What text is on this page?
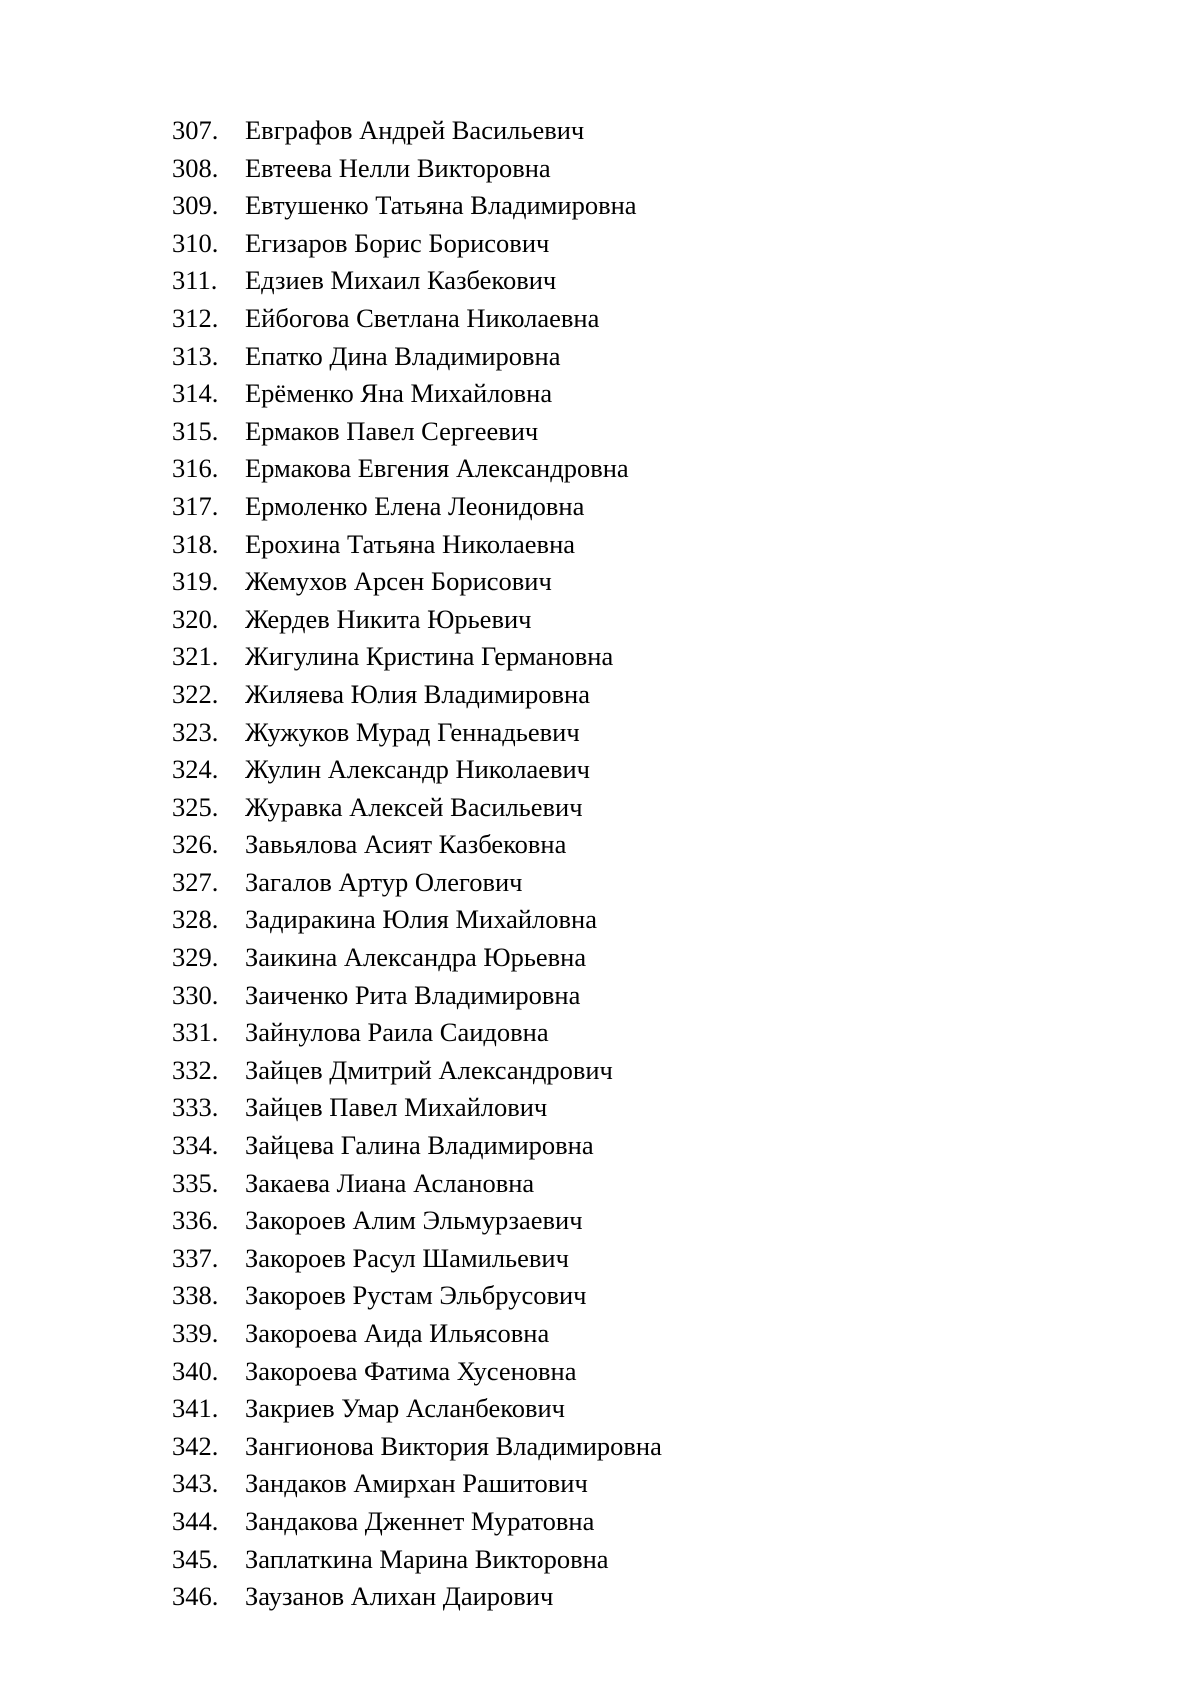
307.	Евграфов Андрей Васильевич
308.	Евтеева Нелли Викторовна
309.	Евтушенко Татьяна Владимировна
310.	Егизаров Борис Борисович
311.	Едзиев Михаил Казбекович
312.	Ейбогова Светлана Николаевна
313.	Епатко Дина Владимировна
314.	Ерёменко Яна Михайловна
315.	Ермаков Павел Сергеевич
316.	Ермакова Евгения Александровна
317.	Ермоленко Елена Леонидовна
318.	Ерохина Татьяна Николаевна
319.	Жемухов Арсен Борисович
320.	Жердев Никита Юрьевич
321.	Жигулина Кристина Германовна
322.	Жиляева Юлия Владимировна
323.	Жужуков Мурад Геннадьевич
324.	Жулин Александр Николаевич
325.	Журавка Алексей Васильевич
326.	Завьялова Асият Казбековна
327.	Загалов Артур Олегович
328.	Задиракина Юлия Михайловна
329.	Заикина Александра Юрьевна
330.	Заиченко Рита Владимировна
331.	Зайнулова Раила Саидовна
332.	Зайцев Дмитрий Александрович
333.	Зайцев Павел Михайлович
334.	Зайцева Галина Владимировна
335.	Закаева Лиана Аслановна
336.	Закороев Алим Эльмурзаевич
337.	Закороев Расул Шамильевич
338.	Закороев Рустам Эльбрусович
339.	Закороева Аида Ильясовна
340.	Закороева Фатима Хусеновна
341.	Закриев Умар Асланбекович
342.	Зангионова Виктория Владимировна
343.	Зандаков Амирхан Рашитович
344.	Зандакова Дженнет Муратовна
345.	Заплаткина Марина Викторовна
346.	Заузанов Алихан Даирович
